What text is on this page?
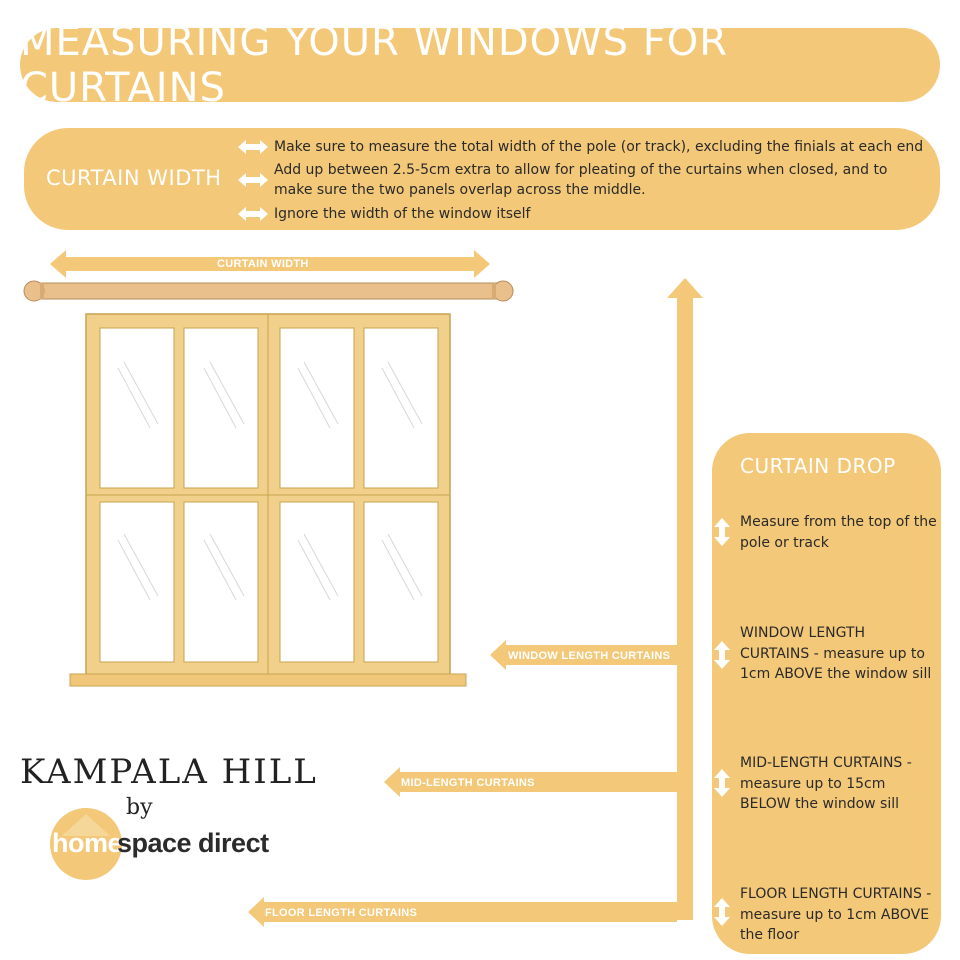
MEASURING YOUR WINDOWS FOR CURTAINS
CURTAIN WIDTH
Make sure to measure the total width of the pole (or track), excluding the finials at each end
Add up between 2.5-5cm extra to allow for pleating of the curtains when closed, and to make sure the two panels overlap across the middle.
Ignore the width of the window itself
CURTAIN WIDTH
WINDOW LENGTH CURTAINS
MID-LENGTH CURTAINS
FLOOR LENGTH CURTAINS
CURTAIN DROP
Measure from the top of the pole or track
WINDOW LENGTH CURTAINS - measure up to 1cm ABOVE the window sill
MID-LENGTH CURTAINS - measure up to 15cm BELOW the window sill
FLOOR LENGTH CURTAINS - measure up to 1cm ABOVE the floor
KAMPALA HILL
by
home
space direct
